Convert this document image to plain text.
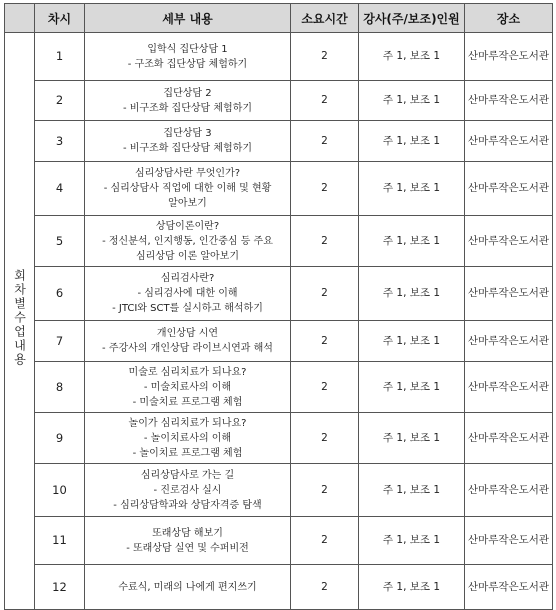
	차시	세부 내용	소요시간	강사(주/보조)인원	장소
회차별수업내용	1	입학식 집단상담 1
- 구조화 집단상담 체험하기	2	주 1, 보조 1	산마루작은도서관
	2	집단상담 2
- 비구조화 집단상담 체험하기	2	주 1, 보조 1	산마루작은도서관
	3	집단상담 3
- 비구조화 집단상담 체험하기	2	주 1, 보조 1	산마루작은도서관
	4	심리상담사란 무엇인가?
- 심리상담사 직업에 대한 이해 및 현황
알아보기	2	주 1, 보조 1	산마루작은도서관
	5	상담이론이란?
- 정신분석, 인지행동, 인간중심 등 주요
심리상담 이론 알아보기	2	주 1, 보조 1	산마루작은도서관
	6	심리검사란?
- 심리검사에 대한 이해
- JTCI와 SCT를 실시하고 해석하기	2	주 1, 보조 1	산마루작은도서관
	7	개인상담 시연
- 주강사의 개인상담 라이브시연과 해석	2	주 1, 보조 1	산마루작은도서관
	8	미술로 심리치료가 되나요?
- 미술치료사의 이해
- 미술치료 프로그램 체험	2	주 1, 보조 1	산마루작은도서관
	9	놀이가 심리치료가 되나요?
- 놀이치료사의 이해
- 놀이치료 프로그램 체험	2	주 1, 보조 1	산마루작은도서관
	10	심리상담사로 가는 길
- 진로검사 실시
- 심리상담학과와 상담자격증 탐색	2	주 1, 보조 1	산마루작은도서관
	11	또래상담 해보기
- 또래상담 실연 및 수퍼비전	2	주 1, 보조 1	산마루작은도서관
	12	수료식, 미래의 나에게 편지쓰기	2	주 1, 보조 1	산마루작은도서관
